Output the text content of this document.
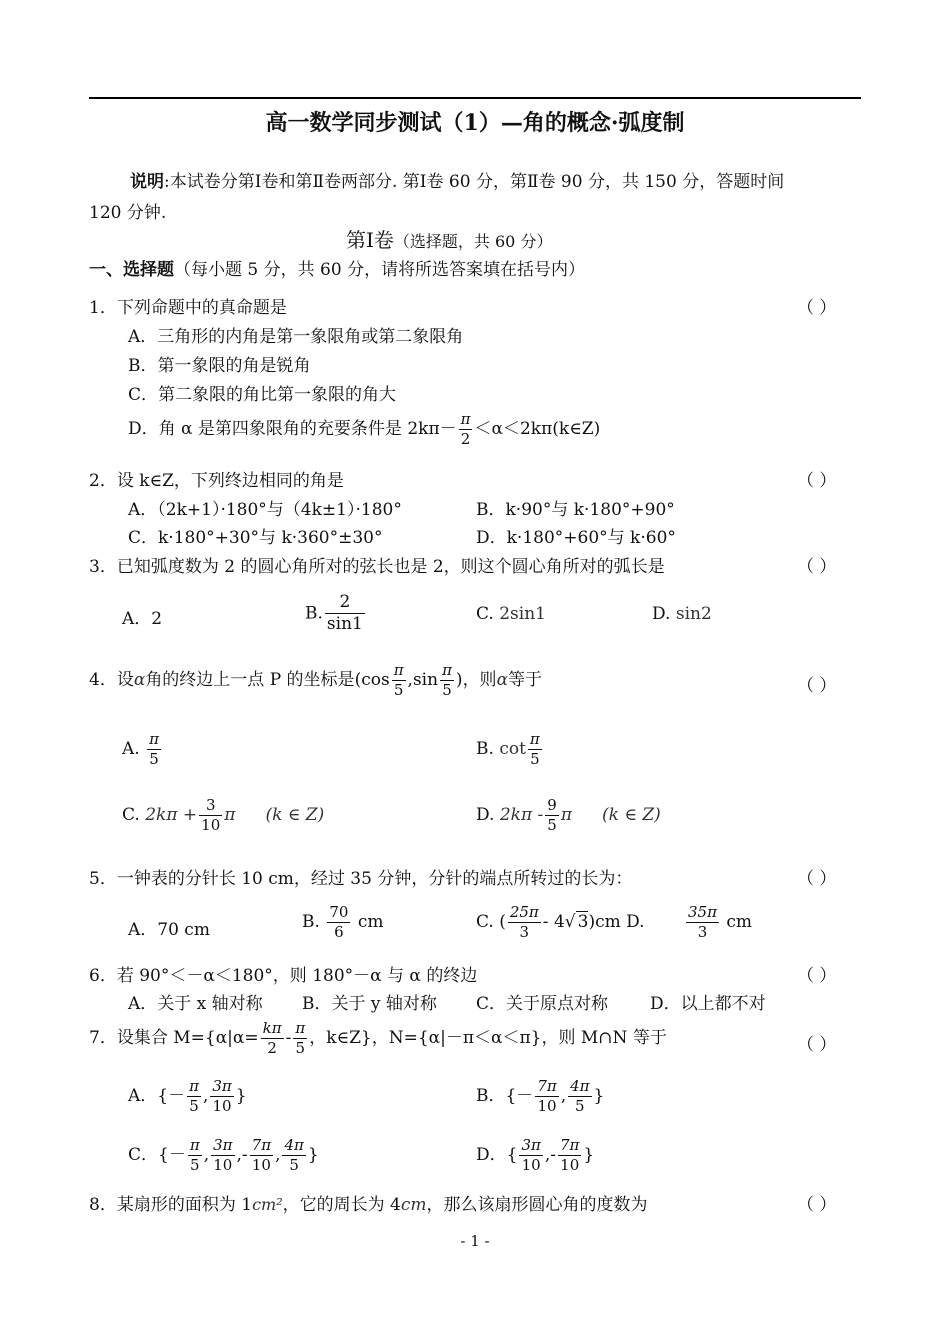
高一数学同步测试（1）—角的概念·弧度制
说明:本试卷分第Ⅰ卷和第Ⅱ卷两部分. 第Ⅰ卷 60 分，第Ⅱ卷 90 分，共 150 分，答题时间
120 分钟.
第Ⅰ卷（选择题，共 60 分）
一、选择题（每小题 5 分，共 60 分，请将所选答案填在括号内）
1．下列命题中的真命题是	（ ）
A．三角形的内角是第一象限角或第二象限角
B．第一象限的角是锐角
C．第二象限的角比第一象限的角大
D．角 α 是第四象限角的充要条件是 $2k\pi- \frac{\pi}{2}$ ＜α＜2kπ(k∈Z)
2．设 k∈Z，下列终边相同的角是	（ ）
A．（2k+1）·180°与（4k±1）·180°	B．k·90°与 k·180°+90°
C．k·180°+30°与 k·360°±30°	D．k·180°+60°与 k·60°
3．已知弧度数为 2 的圆心角所对的弦长也是 2，则这个圆心角所对的弧长是	（ ）
A．2	B. $\frac{2}{\sin 1}$	C. 2sin1	D. sin2
4．设α角的终边上一点 P 的坐标是($\cos \frac{\pi}{5} ,\sin \frac{\pi}{5}$ )，则α等于	（ ）
A. $\frac{\pi}{5}$	B. $\cot \frac{\pi}{5}$
C. $2k\pi + \frac{3}{10}$ π (k ∈ Z)	D. $2k\pi - \frac{9}{5}$ π (k ∈ Z)
5．一钟表的分针长 10 cm，经过 35 分钟，分针的端点所转过的长为：	（ ）
A．70 cm	B. $\frac{70}{6}$ cm	C. ( $\frac{25\pi}{3} - 4√$ 3)cm D.	$\frac{35\pi}{3}$ cm
6．若 90°＜－α＜180°，则 180°－α 与 α 的终边	（ ）
A．关于 x 轴对称 B．关于 y 轴对称 C．关于原点对称 D．以上都不对
7．设集合 $M=\{\alpha|\alpha= \frac{k\pi}{2} - \frac{\pi}{5}$ ，k∈Z}，N={α|－π＜α＜π}，则 M∩N 等于	（ ）
A．{－ $\frac{\pi}{5}$ , $\frac{3\pi}{10}$ }	B．{－ $\frac{7\pi}{10}$ , $\frac{4\pi}{5}$ }
C．{－ $\frac{\pi}{5}$ , $\frac{3\pi}{10}$ ,- $\frac{7\pi}{10}$ , $\frac{4\pi}{5}$ }	D．{ $\frac{3\pi}{10}$ ,- $\frac{7\pi}{10}$ }
8．某扇形的面积为 1cm²，它的周长为 4cm，那么该扇形圆心角的度数为	（ ）
- 1 -
